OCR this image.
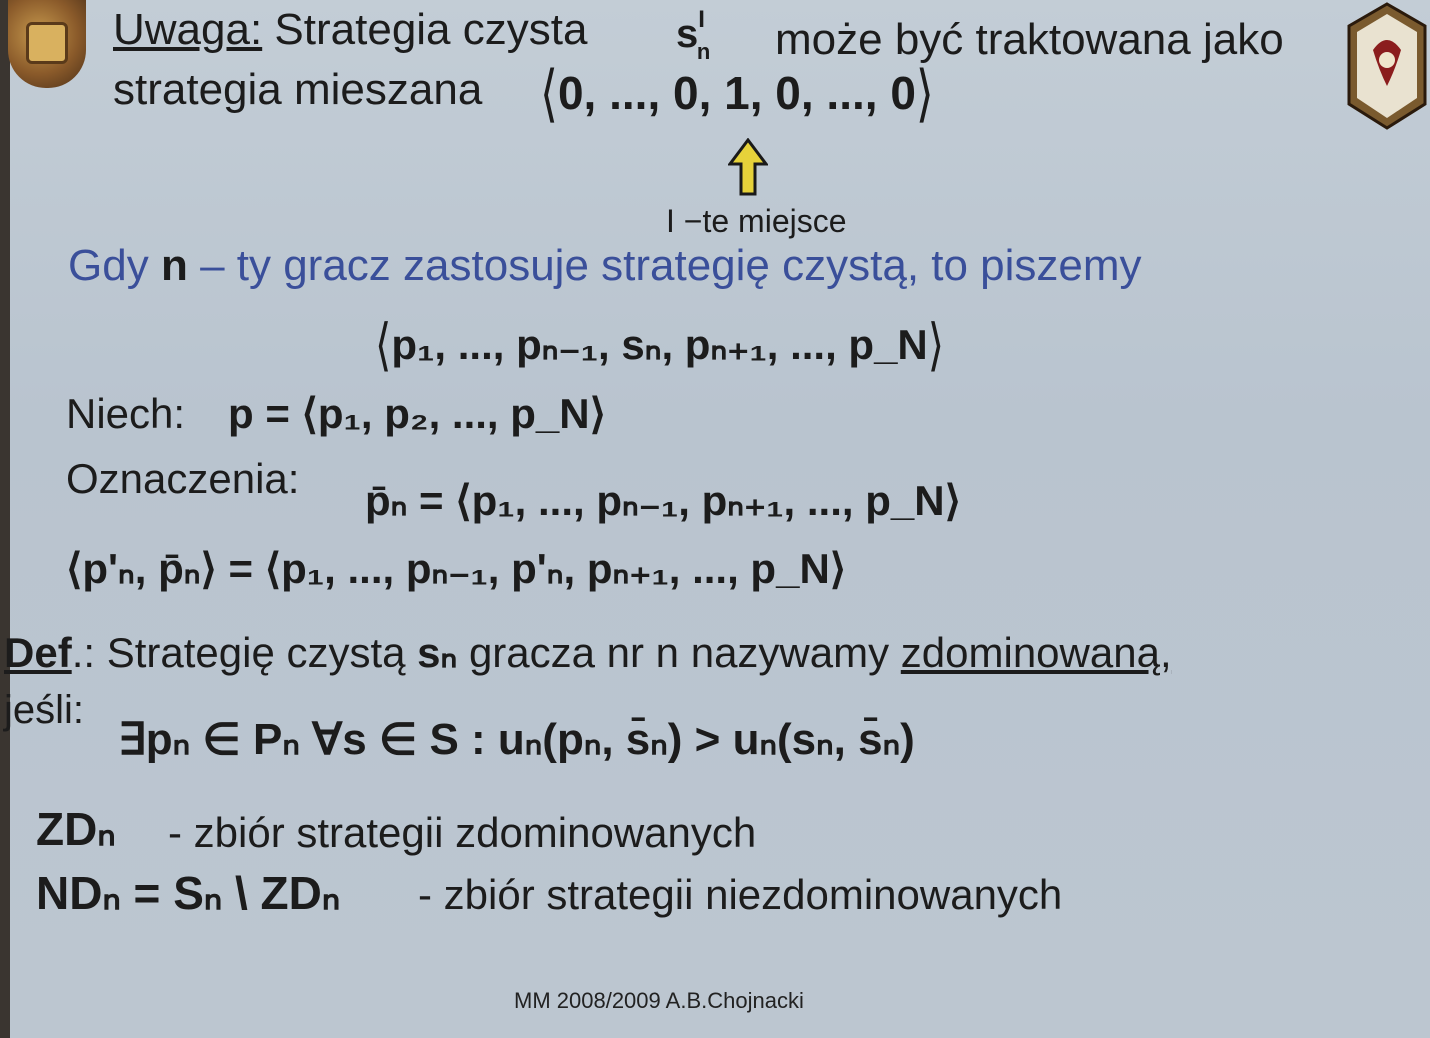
Uwaga: Strategia czysta $s^I_n$ może być traktowana jako
strategia mieszana ⟨0, ..., 0, 1, 0, ..., 0⟩
I −te miejsce
Gdy n – ty gracz zastosuje strategię czystą, to piszemy
⟨p₁, ..., pₙ₋₁, sₙ, pₙ₊₁, ..., p_N⟩
Niech: p = ⟨p₁, p₂, ..., p_N⟩
Oznaczenia: p̄ₙ = ⟨p₁, ..., pₙ₋₁, pₙ₊₁, ..., p_N⟩
⟨p'ₙ, p̄ₙ⟩ = ⟨p₁, ..., pₙ₋₁, p'ₙ, pₙ₊₁, ..., p_N⟩
Def.: Strategię czystą sₙ gracza nr n nazywamy zdominowaną,
jeśli:
∃pₙ ∈ Pₙ ∀s ∈ S : uₙ(pₙ, s̄ₙ) > uₙ(sₙ, s̄ₙ)
ZDₙ - zbiór strategii zdominowanych
NDₙ = Sₙ \ ZDₙ - zbiór strategii niezdominowanych
MM 2008/2009 A.B.Chojnacki
